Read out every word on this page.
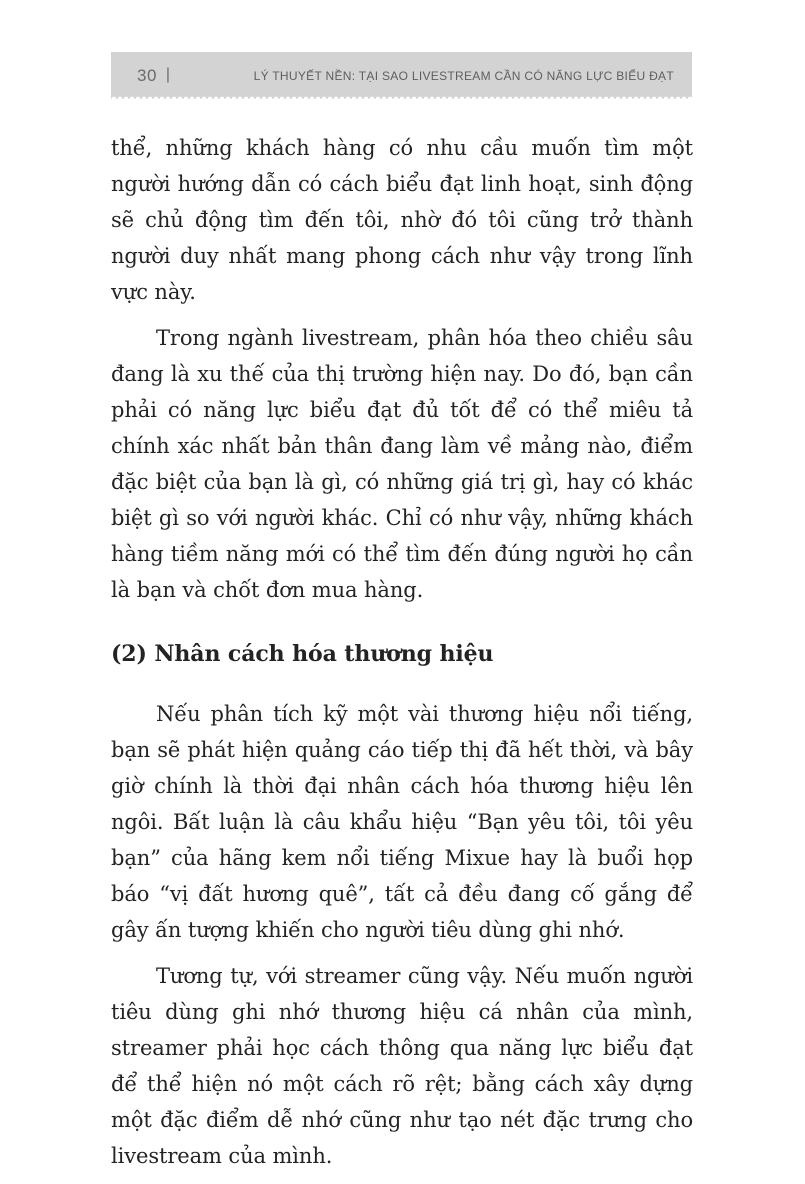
30 |	LÝ THUYẾT NỀN: TẠI SAO LIVESTREAM CẦN CÓ NĂNG LỰC BIỂU ĐẠT

thể, những khách hàng có nhu cầu muốn tìm một người hướng dẫn có cách biểu đạt linh hoạt, sinh động sẽ chủ động tìm đến tôi, nhờ đó tôi cũng trở thành người duy nhất mang phong cách như vậy trong lĩnh vực này.

Trong ngành livestream, phân hóa theo chiều sâu đang là xu thế của thị trường hiện nay. Do đó, bạn cần phải có năng lực biểu đạt đủ tốt để có thể miêu tả chính xác nhất bản thân đang làm về mảng nào, điểm đặc biệt của bạn là gì, có những giá trị gì, hay có khác biệt gì so với người khác. Chỉ có như vậy, những khách hàng tiềm năng mới có thể tìm đến đúng người họ cần là bạn và chốt đơn mua hàng.

(2) Nhân cách hóa thương hiệu

Nếu phân tích kỹ một vài thương hiệu nổi tiếng, bạn sẽ phát hiện quảng cáo tiếp thị đã hết thời, và bây giờ chính là thời đại nhân cách hóa thương hiệu lên ngôi. Bất luận là câu khẩu hiệu “Bạn yêu tôi, tôi yêu bạn” của hãng kem nổi tiếng Mixue hay là buổi họp báo “vị đất hương quê”, tất cả đều đang cố gắng để gây ấn tượng khiến cho người tiêu dùng ghi nhớ.

Tương tự, với streamer cũng vậy. Nếu muốn người tiêu dùng ghi nhớ thương hiệu cá nhân của mình, streamer phải học cách thông qua năng lực biểu đạt để thể hiện nó một cách rõ rệt; bằng cách xây dựng một đặc điểm dễ nhớ cũng như tạo nét đặc trưng cho livestream của mình.
